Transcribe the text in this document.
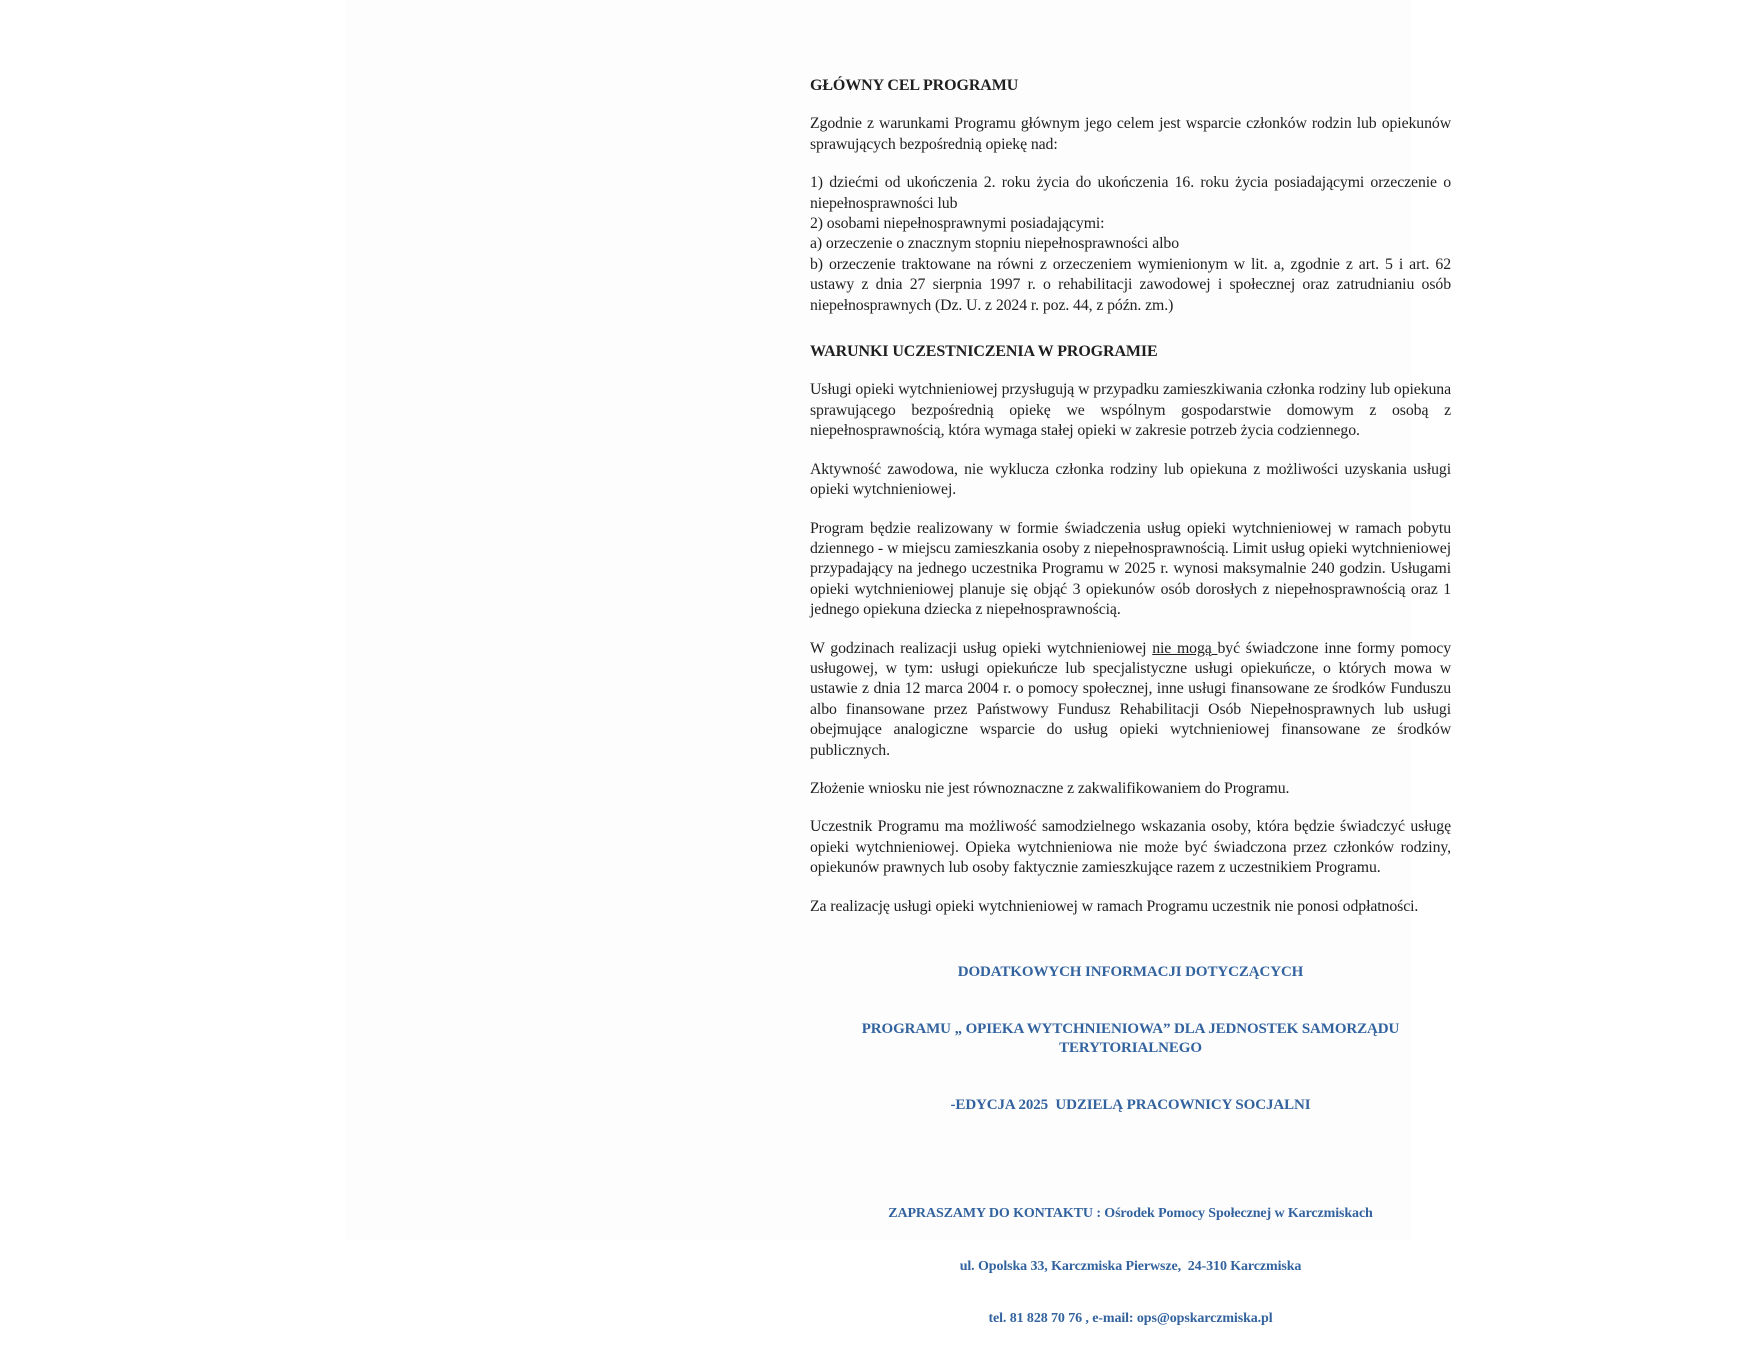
GŁÓWNY CEL PROGRAMU
Zgodnie z warunkami Programu głównym jego celem jest wsparcie członków rodzin lub opiekunów sprawujących bezpośrednią opiekę nad:
1) dziećmi od ukończenia 2. roku życia do ukończenia 16. roku życia posiadającymi orzeczenie o niepełnosprawności lub
2) osobami niepełnosprawnymi posiadającymi:
a) orzeczenie o znacznym stopniu niepełnosprawności albo
b) orzeczenie traktowane na równi z orzeczeniem wymienionym w lit. a, zgodnie z art. 5 i art. 62 ustawy z dnia 27 sierpnia 1997 r. o rehabilitacji zawodowej i społecznej oraz zatrudnianiu osób niepełnosprawnych (Dz. U. z 2024 r. poz. 44, z późn. zm.)
WARUNKI UCZESTNICZENIA W PROGRAMIE
Usługi opieki wytchnieniowej przysługują w przypadku zamieszkiwania członka rodziny lub opiekuna sprawującego bezpośrednią opiekę we wspólnym gospodarstwie domowym z osobą z niepełnosprawnością, która wymaga stałej opieki w zakresie potrzeb życia codziennego.
Aktywność zawodowa, nie wyklucza członka rodziny lub opiekuna z możliwości uzyskania usługi opieki wytchnieniowej.
Program będzie realizowany w formie świadczenia usług opieki wytchnieniowej w ramach pobytu dziennego - w miejscu zamieszkania osoby z niepełnosprawnością. Limit usług opieki wytchnieniowej przypadający na jednego uczestnika Programu w 2025 r. wynosi maksymalnie 240 godzin. Usługami opieki wytchnieniowej planuje się objąć 3 opiekunów osób dorosłych z niepełnosprawnością oraz 1 jednego opiekuna dziecka z niepełnosprawnością.
W godzinach realizacji usług opieki wytchnieniowej nie mogą być świadczone inne formy pomocy usługowej, w tym: usługi opiekuńcze lub specjalistyczne usługi opiekuńcze, o których mowa w ustawie z dnia 12 marca 2004 r. o pomocy społecznej, inne usługi finansowane ze środków Funduszu albo finansowane przez Państwowy Fundusz Rehabilitacji Osób Niepełnosprawnych lub usługi obejmujące analogiczne wsparcie do usług opieki wytchnieniowej finansowane ze środków publicznych.
Złożenie wniosku nie jest równoznaczne z zakwalifikowaniem do Programu.
Uczestnik Programu ma możliwość samodzielnego wskazania osoby, która będzie świadczyć usługę opieki wytchnieniowej. Opieka wytchnieniowa nie może być świadczona przez członków rodziny, opiekunów prawnych lub osoby faktycznie zamieszkujące razem z uczestnikiem Programu.
Za realizację usługi opieki wytchnieniowej w ramach Programu uczestnik nie ponosi odpłatności.

DODATKOWYCH INFORMACJI DOTYCZĄCYCH

PROGRAMU „ OPIEKA WYTCHNIENIOWA” DLA JEDNOSTEK SAMORZĄDU TERYTORIALNEGO

-EDYCJA 2025  UDZIELĄ PRACOWNICY SOCJALNI

ZAPRASZAMY DO KONTAKTU : Ośrodek Pomocy Społecznej w Karczmiskach

ul. Opolska 33, Karczmiska Pierwsze,  24-310 Karczmiska

tel. 81 828 70 76 , e-mail: ops@opskarczmiska.pl
